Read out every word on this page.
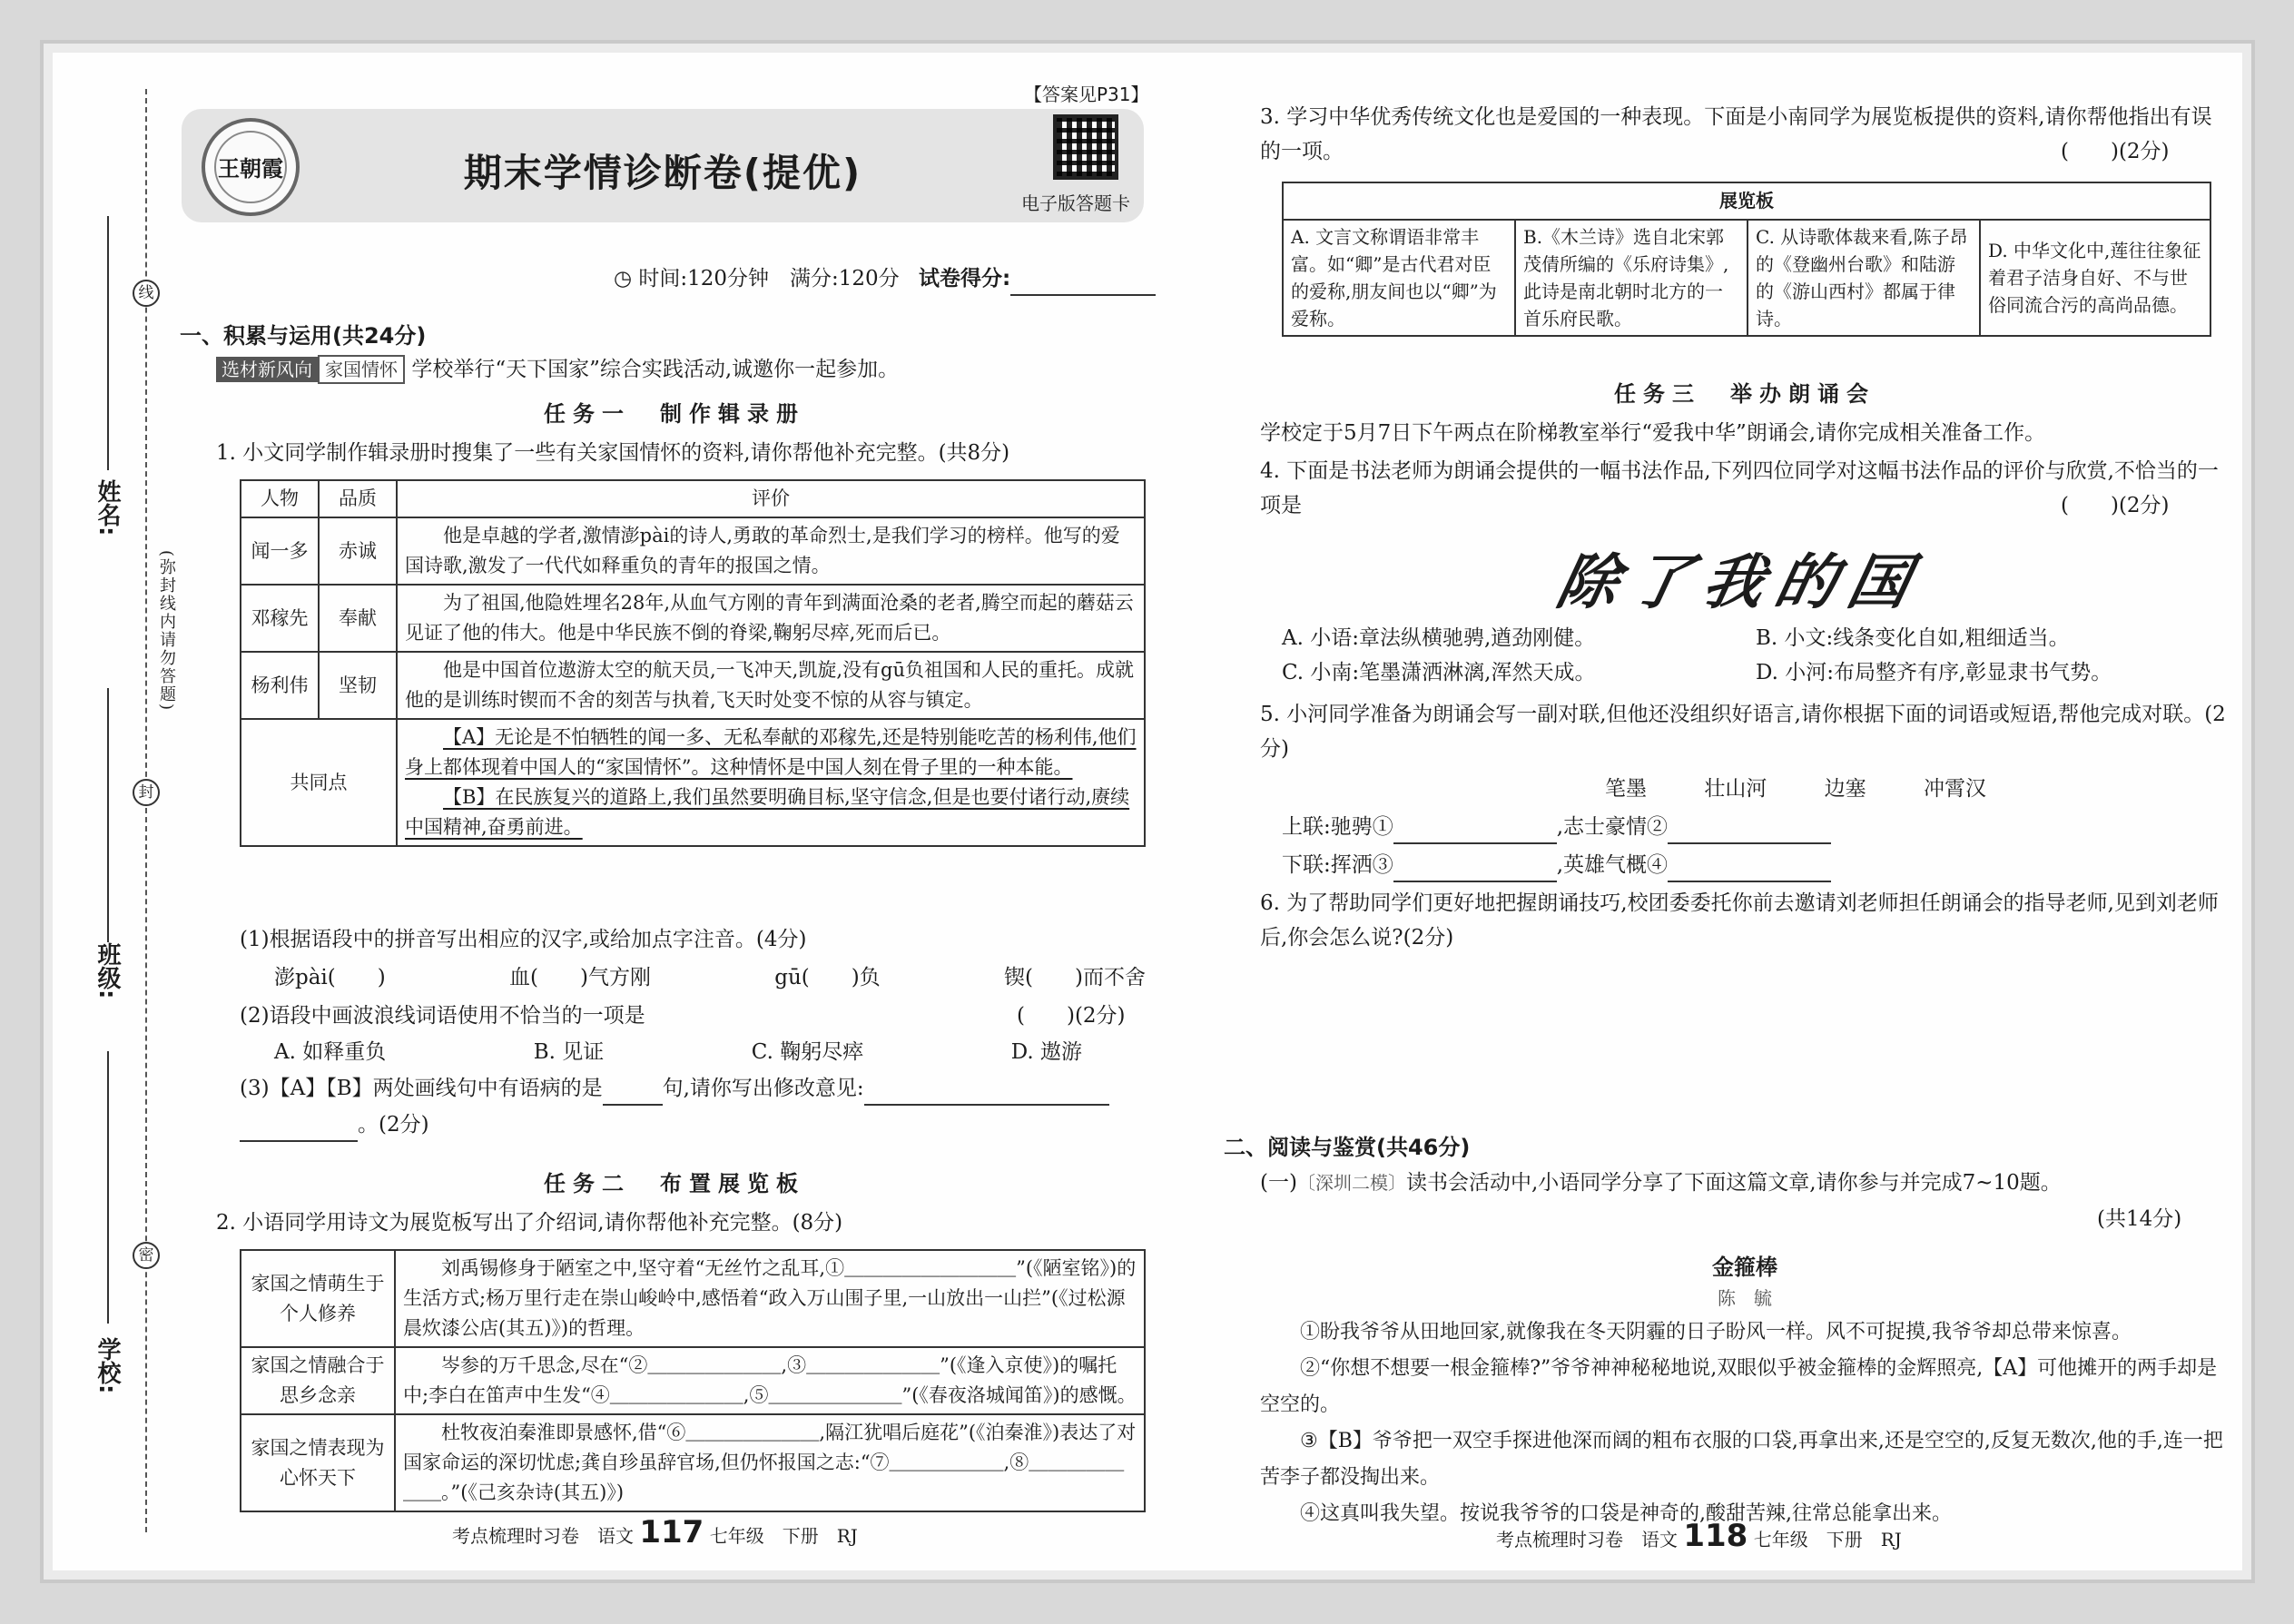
线
封
密
(弥封线内请勿答题)
姓名:
班级:
学校:
【答案见P31】
王朝霞	期末学情诊断卷(提优)
电子版答题卡
◷ 时间:120分钟　满分:120分 试卷得分:
一、积累与运用(共24分)
选材新风向 家国情怀 学校举行“天下国家”综合实践活动,诚邀你一起参加。
任务一　制作辑录册
1. 小文同学制作辑录册时搜集了一些有关家国情怀的资料,请你帮他补充完整。(共8分)
人物	品质	评价
闻一多	赤诚	他是卓越的学者,激情澎pài的诗人,勇敢的革命烈士,是我们学习的榜样。他写的爱国诗歌,激发了一代代如释重负的青年的报国之情。
邓稼先	奉献	为了祖国,他隐姓埋名28年,从血气方刚的青年到满面沧桑的老者,腾空而起的蘑菇云见证了他的伟大。他是中华民族不倒的脊梁,鞠躬尽瘁,死而后已。
杨利伟	坚韧	他是中国首位遨游太空的航天员,一飞冲天,凯旋,没有gū负祖国和人民的重托。成就他的是训练时锲而不舍的刻苦与执着,飞天时处变不惊的从容与镇定。
共同点		【A】无论是不怕牺牲的闻一多、无私奉献的邓稼先,还是特别能吃苦的杨利伟,他们身上都体现着中国人的“家国情怀”。这种情怀是中国人刻在骨子里的一种本能。
【B】在民族复兴的道路上,我们虽然要明确目标,坚守信念,但是也要付诸行动,赓续中国精神,奋勇前进。
(1)根据语段中的拼音写出相应的汉字,或给加点字注音。(4分)
澎pài(　　)	血(　　)气方刚	gū(　　)负	锲(　　)而不舍
(2)语段中画波浪线词语使用不恰当的一项是	(　　)(2分)
A. 如释重负	B. 见证	C. 鞠躬尽瘁	D. 遨游
(3)【A】【B】两处画线句中有语病的是	句,请你写出修改意见:
。(2分)
任务二　布置展览板
2. 小语同学用诗文为展览板写出了介绍词,请你帮他补充完整。(8分)
家国之情萌生于个人修养	刘禹锡修身于陋室之中,坚守着“无丝竹之乱耳,①＿＿＿＿＿＿＿＿＿”(《陋室铭》)的生活方式;杨万里行走在崇山峻岭中,感悟着“政入万山围子里,一山放出一山拦”(《过松源晨炊漆公店(其五)》)的哲理。
家国之情融合于思乡念亲	岑参的万千思念,尽在“②＿＿＿＿＿＿＿,③＿＿＿＿＿＿＿”(《逢入京使》)的嘱托中;李白在笛声中生发“④＿＿＿＿＿＿＿,⑤＿＿＿＿＿＿＿”(《春夜洛城闻笛》)的感慨。
家国之情表现为心怀天下	杜牧夜泊秦淮即景感怀,借“⑥＿＿＿＿＿＿＿,隔江犹唱后庭花”(《泊秦淮》)表达了对国家命运的深切忧虑;龚自珍虽辞官场,但仍怀报国之志:“⑦＿＿＿＿＿＿,⑧＿＿＿＿＿＿＿。”(《己亥杂诗(其五)》)
考点梳理时习卷　语文 117 七年级　下册　RJ
3. 学习中华优秀传统文化也是爱国的一种表现。下面是小南同学为展览板提供的资料,请你帮他指出有误的一项。	(　　)(2分)
展览板
A. 文言文称谓语非常丰富。如“卿”是古代君对臣的爱称,朋友间也以“卿”为爱称。	B.《木兰诗》选自北宋郭茂倩所编的《乐府诗集》,此诗是南北朝时北方的一首乐府民歌。	C. 从诗歌体裁来看,陈子昂的《登幽州台歌》和陆游的《游山西村》都属于律诗。	D. 中华文化中,莲往往象征着君子洁身自好、不与世俗同流合污的高尚品德。
任务三　举办朗诵会
学校定于5月7日下午两点在阶梯教室举行“爱我中华”朗诵会,请你完成相关准备工作。
4. 下面是书法老师为朗诵会提供的一幅书法作品,下列四位同学对这幅书法作品的评价与欣赏,不恰当的一项是	(　　)(2分)
除了我的国
A. 小语:章法纵横驰骋,遒劲刚健。	B. 小文:线条变化自如,粗细适当。
C. 小南:笔墨潇洒淋漓,浑然天成。	D. 小河:布局整齐有序,彰显隶书气势。
5. 小河同学准备为朗诵会写一副对联,但他还没组织好语言,请你根据下面的词语或短语,帮他完成对联。(2分)
笔墨	壮山河	边塞	冲霄汉
上联:驰骋①	,志士豪情②
下联:挥洒③	,英雄气概④
6. 为了帮助同学们更好地把握朗诵技巧,校团委委托你前去邀请刘老师担任朗诵会的指导老师,见到刘老师后,你会怎么说?(2分)
二、阅读与鉴赏(共46分)
(一)〔深圳二模〕读书会活动中,小语同学分享了下面这篇文章,请你参与并完成7~10题。
(共14分)
金箍棒
陈　毓
①盼我爷爷从田地回家,就像我在冬天阴霾的日子盼风一样。风不可捉摸,我爷爷却总带来惊喜。
②“你想不想要一根金箍棒?”爷爷神神秘秘地说,双眼似乎被金箍棒的金辉照亮,【A】可他摊开的两手却是空空的。
③【B】爷爷把一双空手探进他深而阔的粗布衣服的口袋,再拿出来,还是空空的,反复无数次,他的手,连一把苦李子都没掏出来。
④这真叫我失望。按说我爷爷的口袋是神奇的,酸甜苦辣,往常总能拿出来。
考点梳理时习卷　语文 118 七年级　下册　RJ
